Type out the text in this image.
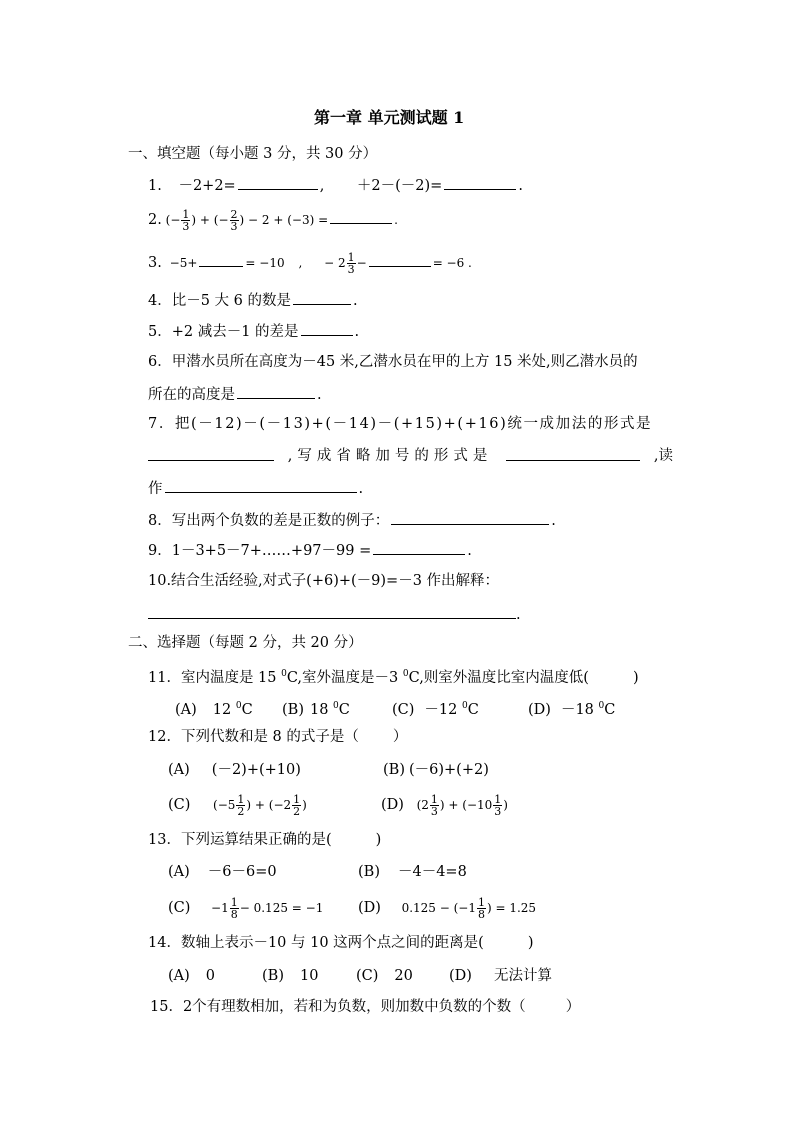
第一章 单元测试题 1
一、填空题（每小题 3 分，共 30 分）
1. －2+2=	, ＋2－(－2)=	.
2. (− $\frac{1}{3}$ ) + (− $\frac{2}{3}$ ) − 2 + (−3) =	.
3. −5+	= −10 , − $2 \frac{1}{3}$ −	= −6 .
4．比－5 大 6 的数是	.
5．+2 减去－1 的差是	.
6．甲潜水员所在高度为－45 米,乙潜水员在甲的上方 15 米处,则乙潜水员的
所在的高度是	.
7．把(－12)－(－13)+(－14)－(+15)+(+16)统一成加法的形式是
,写成省略加号的形式是	,读
作	.
8．写出两个负数的差是正数的例子：	.
9．1－3+5－7+……+97－99 =	.
10.结合生活经验,对式子(+6)+(－9)=－3 作出解释：
.
二、选择题（每题 2 分，共 20 分）
11．室内温度是 15 $^0$C,室外温度是－3 $^0$C,则室外温度比室内温度低(	)
(A) 12 $^0$C (B) 18 $^0$C	(C) －12 $^0$C	(D) －18 $^0$C
12．下列代数和是 8 的式子是（ ）
(A) (－2)+(+10)	(B) (－6)+(+2)
(C) ($-5 \frac{1}{2}$ ) + ($-2 \frac{1}{2}$ )	(D) ($2 \frac{1}{3}$ ) + ($-10 \frac{1}{3}$ )
13．下列运算结果正确的是(	)
(A) －6－6=0	(B) －4－4=8
$(C) -1 \frac{1}{8} - 0.125 = -1$ (D) $0.125 - (-1 \frac{1}{8}$ ) = 1.25
14．数轴上表示－10 与 10 这两个点之间的距离是(	)
(A) 0	(B) 10	(C) 20 (D) 无法计算
15．2个有理数相加，若和为负数，则加数中负数的个数（	）
